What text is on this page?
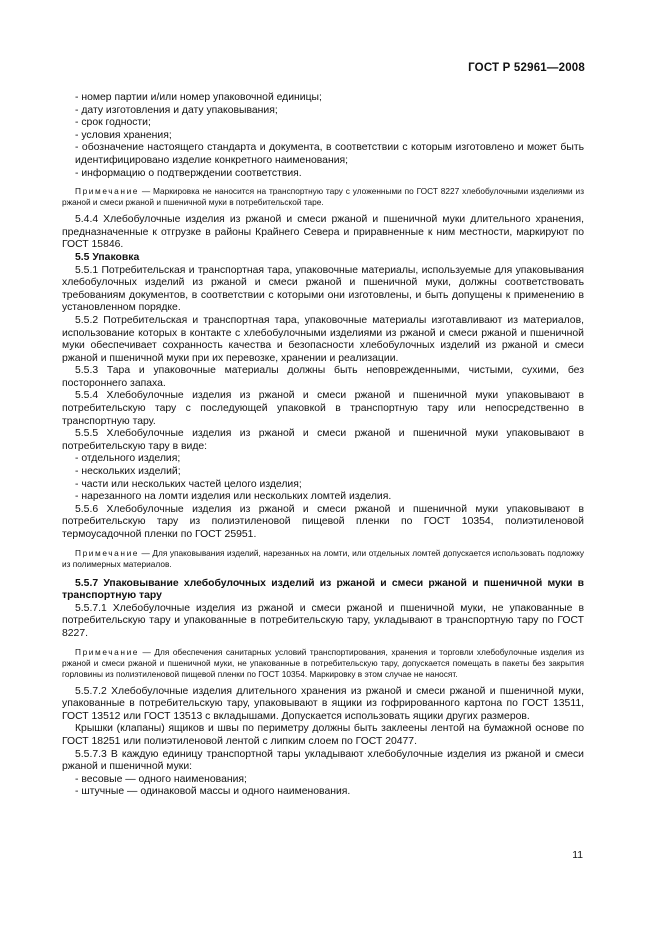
ГОСТ Р 52961—2008

- номер партии и/или номер упаковочной единицы;

- дату изготовления и дату упаковывания;

- срок годности;

- условия хранения;

- обозначение настоящего стандарта и документа, в соответствии с которым изготовлено и может быть идентифицировано изделие конкретного наименования;

- информацию о подтверждении соответствия.

Примечание — Маркировка не наносится на транспортную тару с уложенными по ГОСТ 8227 хлебобулочными изделиями из ржаной и смеси ржаной и пшеничной муки в потребительской таре.

5.4.4 Хлебобулочные изделия из ржаной и смеси ржаной и пшеничной муки длительного хранения, предназначенные к отгрузке в районы Крайнего Севера и приравненные к ним местности, маркируют по ГОСТ 15846.

5.5 Упаковка

5.5.1 Потребительская и транспортная тара, упаковочные материалы, используемые для упаковывания хлебобулочных изделий из ржаной и смеси ржаной и пшеничной муки, должны соответствовать требованиям документов, в соответствии с которыми они изготовлены, и быть допущены к применению в установленном порядке.

5.5.2 Потребительская и транспортная тара, упаковочные материалы изготавливают из материалов, использование которых в контакте с хлебобулочными изделиями из ржаной и смеси ржаной и пшеничной муки обеспечивает сохранность качества и безопасности хлебобулочных изделий из ржаной и смеси ржаной и пшеничной муки при их перевозке, хранении и реализации.

5.5.3 Тара и упаковочные материалы должны быть неповрежденными, чистыми, сухими, без постороннего запаха.

5.5.4 Хлебобулочные изделия из ржаной и смеси ржаной и пшеничной муки упаковывают в потребительскую тару с последующей упаковкой в транспортную тару или непосредственно в транспортную тару.

5.5.5 Хлебобулочные изделия из ржаной и смеси ржаной и пшеничной муки упаковывают в потребительскую тару в виде:

- отдельного изделия;

- нескольких изделий;

- части или нескольких частей целого изделия;

- нарезанного на ломти изделия или нескольких ломтей изделия.

5.5.6 Хлебобулочные изделия из ржаной и смеси ржаной и пшеничной муки упаковывают в потребительскую тару из полиэтиленовой пищевой пленки по ГОСТ 10354, полиэтиленовой термоусадочной пленки по ГОСТ 25951.

Примечание — Для упаковывания изделий, нарезанных на ломти, или отдельных ломтей допускается использовать подложку из полимерных материалов.

5.5.7 Упаковывание хлебобулочных изделий из ржаной и смеси ржаной и пшеничной муки в транспортную тару

5.5.7.1 Хлебобулочные изделия из ржаной и смеси ржаной и пшеничной муки, не упакованные в потребительскую тару и упакованные в потребительскую тару, укладывают в транспортную тару по ГОСТ 8227.

Примечание — Для обеспечения санитарных условий транспортирования, хранения и торговли хлебобулочные изделия из ржаной и смеси ржаной и пшеничной муки, не упакованные в потребительскую тару, допускается помещать в пакеты без закрытия горловины из полиэтиленовой пищевой пленки по ГОСТ 10354. Маркировку в этом случае не наносят.

5.5.7.2 Хлебобулочные изделия длительного хранения из ржаной и смеси ржаной и пшеничной муки, упакованные в потребительскую тару, упаковывают в ящики из гофрированного картона по ГОСТ 13511, ГОСТ 13512 или ГОСТ 13513 с вкладышами. Допускается использовать ящики других размеров.

Крышки (клапаны) ящиков и швы по периметру должны быть заклеены лентой на бумажной основе по ГОСТ 18251 или полиэтиленовой лентой с липким слоем по ГОСТ 20477.

5.5.7.3 В каждую единицу транспортной тары укладывают хлебобулочные изделия из ржаной и смеси ржаной и пшеничной муки:

- весовые — одного наименования;

- штучные — одинаковой массы и одного наименования.

11
